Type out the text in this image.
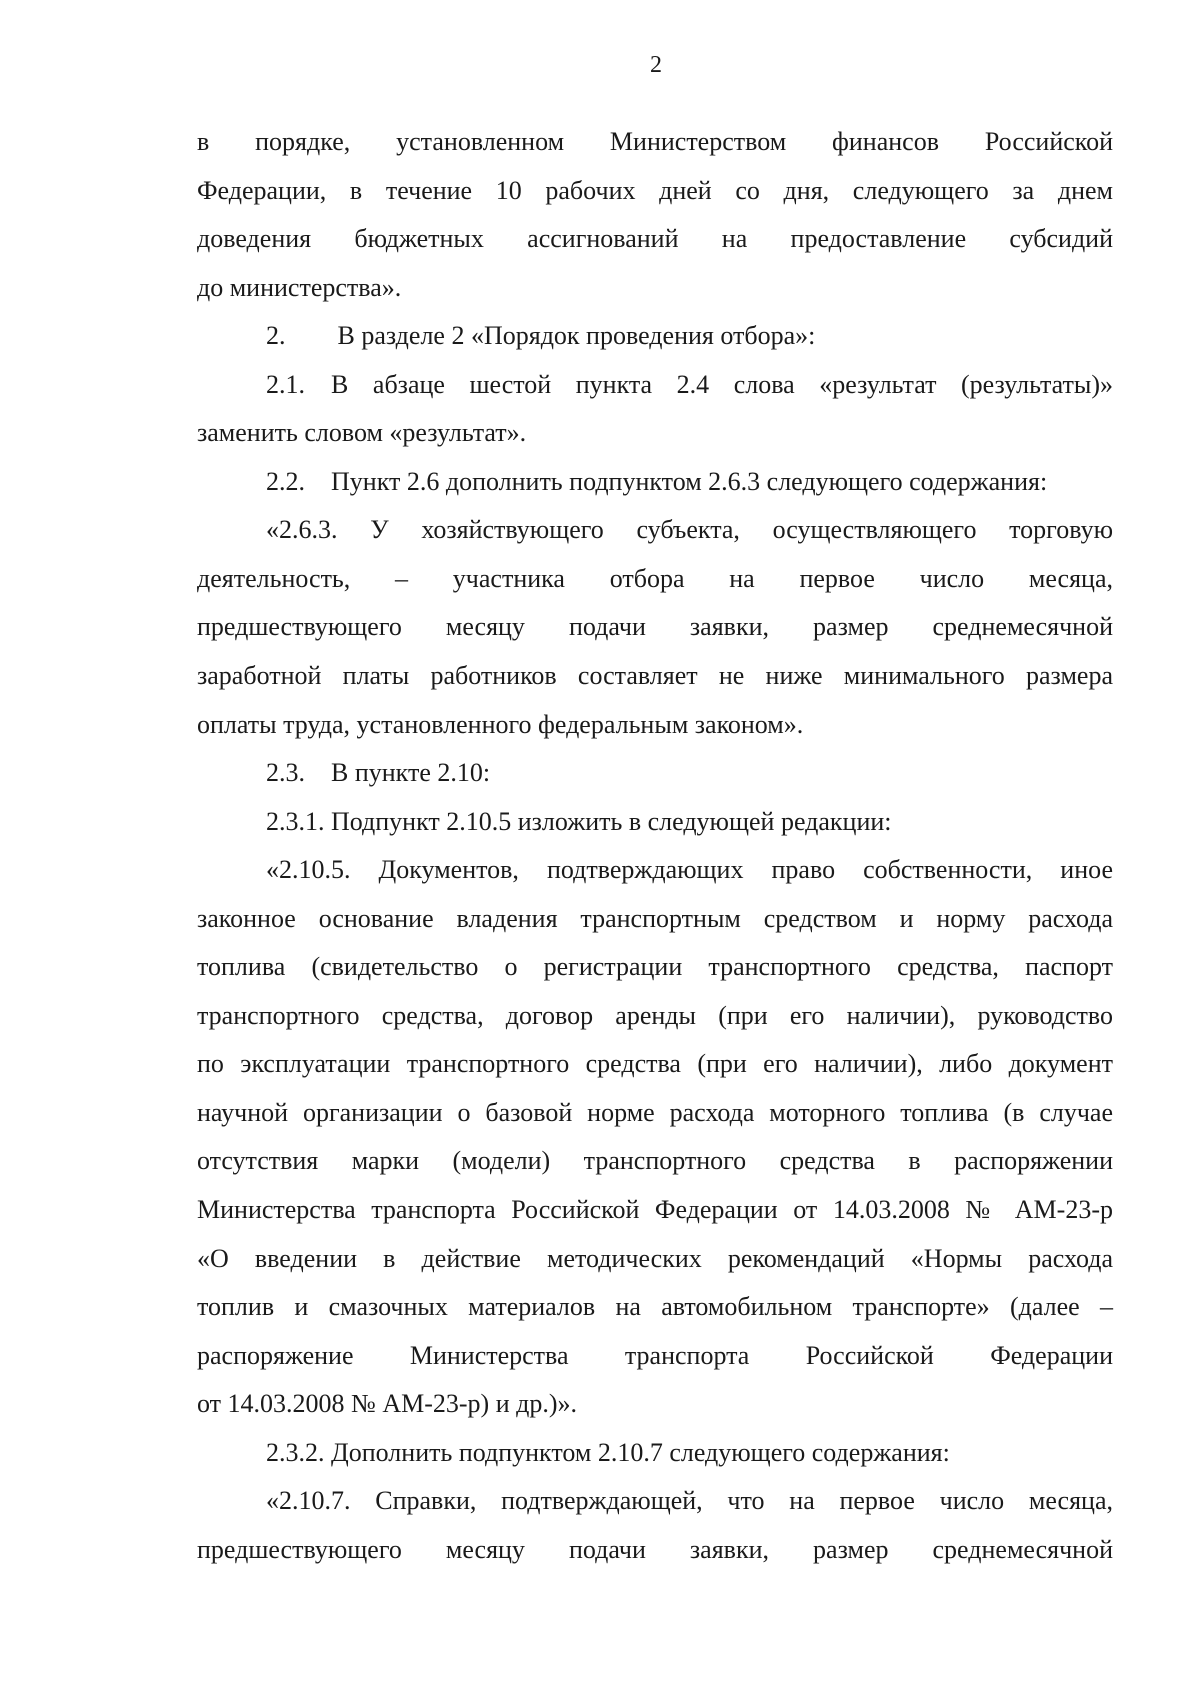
2
в порядке, установленном Министерством финансов Российской
Федерации, в течение 10 рабочих дней со дня, следующего за днем
доведения бюджетных ассигнований на предоставление субсидий
до министерства».
2.  В разделе 2 «Порядок проведения отбора»:
2.1. В абзаце шестой пункта 2.4 слова «результат (результаты)»
заменить словом «результат».
2.2. Пункт 2.6 дополнить подпунктом 2.6.3 следующего содержания:
«2.6.3. У хозяйствующего субъекта, осуществляющего торговую
деятельность, – участника отбора на первое число месяца,
предшествующего месяцу подачи заявки, размер среднемесячной
заработной платы работников составляет не ниже минимального размера
оплаты труда, установленного федеральным законом».
2.3. В пункте 2.10:
2.3.1. Подпункт 2.10.5 изложить в следующей редакции:
«2.10.5. Документов, подтверждающих право собственности, иное
законное основание владения транспортным средством и норму расхода
топлива (свидетельство о регистрации транспортного средства, паспорт
транспортного средства, договор аренды (при его наличии), руководство
по эксплуатации транспортного средства (при его наличии), либо документ
научной организации о базовой норме расхода моторного топлива (в случае
отсутствия марки (модели) транспортного средства в распоряжении
Министерства транспорта Российской Федерации от 14.03.2008 № АМ-23-р
«О введении в действие методических рекомендаций «Нормы расхода
топлив и смазочных материалов на автомобильном транспорте» (далее –
распоряжение Министерства транспорта Российской Федерации
от 14.03.2008 № АМ-23-р) и др.)».
2.3.2. Дополнить подпунктом 2.10.7 следующего содержания:
«2.10.7. Справки, подтверждающей, что на первое число месяца,
предшествующего месяцу подачи заявки, размер среднемесячной
